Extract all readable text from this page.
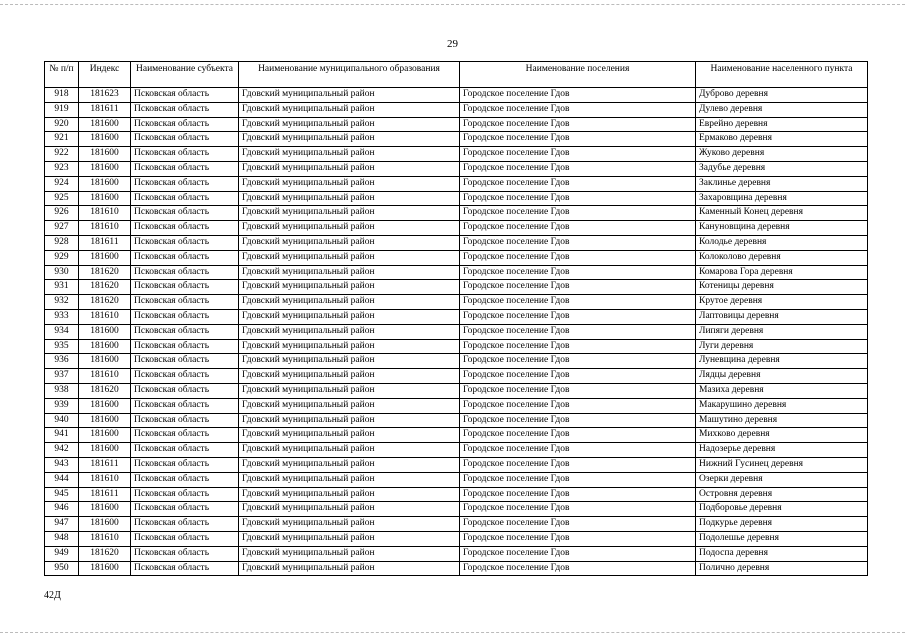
29
№ п/п	Индекс	Наименование субъекта	Наименование муниципального образования	Наименование поселения	Наименование населенного пункта
918	181623	Псковская область	Гдовский муниципальный район	Городское поселение Гдов	Дуброво деревня
919	181611	Псковская область	Гдовский муниципальный район	Городское поселение Гдов	Дулево деревня
920	181600	Псковская область	Гдовский муниципальный район	Городское поселение Гдов	Еврейно деревня
921	181600	Псковская область	Гдовский муниципальный район	Городское поселение Гдов	Ермаково деревня
922	181600	Псковская область	Гдовский муниципальный район	Городское поселение Гдов	Жуково деревня
923	181600	Псковская область	Гдовский муниципальный район	Городское поселение Гдов	Задубье деревня
924	181600	Псковская область	Гдовский муниципальный район	Городское поселение Гдов	Заклинье деревня
925	181600	Псковская область	Гдовский муниципальный район	Городское поселение Гдов	Захаровщина деревня
926	181610	Псковская область	Гдовский муниципальный район	Городское поселение Гдов	Каменный Конец деревня
927	181610	Псковская область	Гдовский муниципальный район	Городское поселение Гдов	Кануновщина деревня
928	181611	Псковская область	Гдовский муниципальный район	Городское поселение Гдов	Колодье деревня
929	181600	Псковская область	Гдовский муниципальный район	Городское поселение Гдов	Колоколово деревня
930	181620	Псковская область	Гдовский муниципальный район	Городское поселение Гдов	Комарова Гора деревня
931	181620	Псковская область	Гдовский муниципальный район	Городское поселение Гдов	Котеницы деревня
932	181620	Псковская область	Гдовский муниципальный район	Городское поселение Гдов	Крутое деревня
933	181610	Псковская область	Гдовский муниципальный район	Городское поселение Гдов	Лаптовицы деревня
934	181600	Псковская область	Гдовский муниципальный район	Городское поселение Гдов	Липяги деревня
935	181600	Псковская область	Гдовский муниципальный район	Городское поселение Гдов	Луги деревня
936	181600	Псковская область	Гдовский муниципальный район	Городское поселение Гдов	Луневщина деревня
937	181610	Псковская область	Гдовский муниципальный район	Городское поселение Гдов	Лядцы деревня
938	181620	Псковская область	Гдовский муниципальный район	Городское поселение Гдов	Мазиха деревня
939	181600	Псковская область	Гдовский муниципальный район	Городское поселение Гдов	Макарушино деревня
940	181600	Псковская область	Гдовский муниципальный район	Городское поселение Гдов	Машутино деревня
941	181600	Псковская область	Гдовский муниципальный район	Городское поселение Гдов	Михково деревня
942	181600	Псковская область	Гдовский муниципальный район	Городское поселение Гдов	Надозерье деревня
943	181611	Псковская область	Гдовский муниципальный район	Городское поселение Гдов	Нижний Гусинец деревня
944	181610	Псковская область	Гдовский муниципальный район	Городское поселение Гдов	Озерки деревня
945	181611	Псковская область	Гдовский муниципальный район	Городское поселение Гдов	Островня деревня
946	181600	Псковская область	Гдовский муниципальный район	Городское поселение Гдов	Подборовье деревня
947	181600	Псковская область	Гдовский муниципальный район	Городское поселение Гдов	Подкурье деревня
948	181610	Псковская область	Гдовский муниципальный район	Городское поселение Гдов	Подолешье деревня
949	181620	Псковская область	Гдовский муниципальный район	Городское поселение Гдов	Подоспа деревня
950	181600	Псковская область	Гдовский муниципальный район	Городское поселение Гдов	Полично деревня
42Д
